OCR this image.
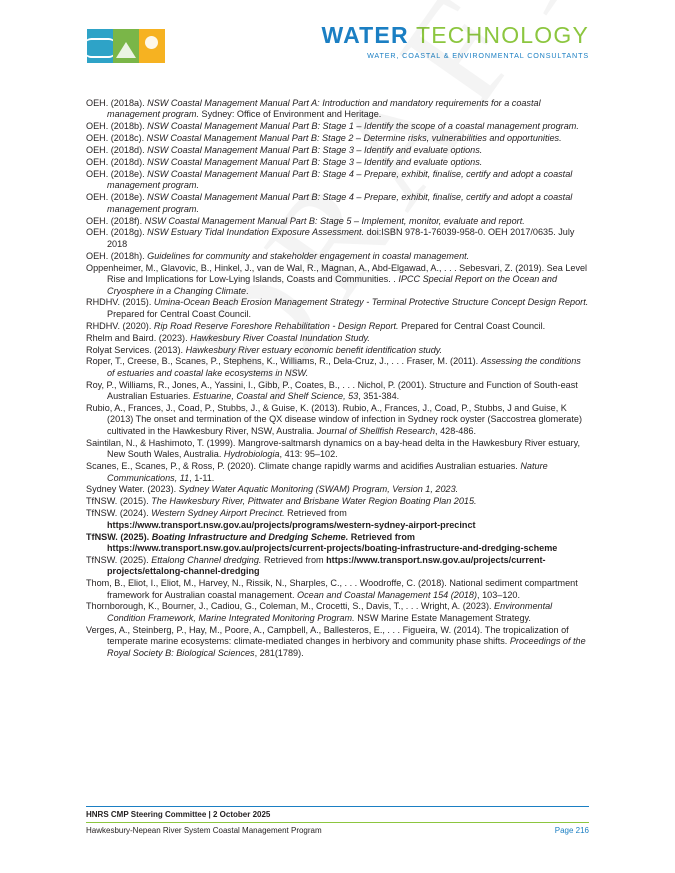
WATER TECHNOLOGY
WATER, COASTAL & ENVIRONMENTAL CONSULTANTS
OEH. (2018a). NSW Coastal Management Manual Part A: Introduction and mandatory requirements for a coastal management program. Sydney: Office of Environment and Heritage.
OEH. (2018b). NSW Coastal Management Manual Part B: Stage 1 – Identify the scope of a coastal management program.
OEH. (2018c). NSW Coastal Management Manual Part B: Stage 2 – Determine risks, vulnerabilities and opportunities.
OEH. (2018d). NSW Coastal Management Manual Part B: Stage 3 – Identify and evaluate options.
OEH. (2018d). NSW Coastal Management Manual Part B: Stage 3 – Identify and evaluate options.
OEH. (2018e). NSW Coastal Management Manual Part B: Stage 4 – Prepare, exhibit, finalise, certify and adopt a coastal management program.
OEH. (2018e). NSW Coastal Management Manual Part B: Stage 4 – Prepare, exhibit, finalise, certify and adopt a coastal management program.
OEH. (2018f). NSW Coastal Management Manual Part B: Stage 5 – Implement, monitor, evaluate and report.
OEH. (2018g). NSW Estuary Tidal Inundation Exposure Assessment. doi:ISBN 978-1-76039-958-0. OEH 2017/0635. July 2018
OEH. (2018h). Guidelines for community and stakeholder engagement in coastal management.
Oppenheimer, M., Glavovic, B., Hinkel, J., van de Wal, R., Magnan, A., Abd-Elgawad, A., . . . Sebesvari, Z. (2019). Sea Level Rise and Implications for Low-Lying Islands, Coasts and Communities. . IPCC Special Report on the Ocean and Cryosphere in a Changing Climate.
RHDHV. (2015). Umina-Ocean Beach Erosion Management Strategy - Terminal Protective Structure Concept Design Report. Prepared for Central Coast Council.
RHDHV. (2020). Rip Road Reserve Foreshore Rehabilitation - Design Report. Prepared for Central Coast Council.
Rhelm and Baird. (2023). Hawkesbury River Coastal Inundation Study.
Rolyat Services. (2013). Hawkesbury River estuary economic benefit identification study.
Roper, T., Creese, B., Scanes, P., Stephens, K., Williams, R., Dela-Cruz, J., . . . Fraser, M. (2011). Assessing the conditions of estuaries and coastal lake ecosystems in NSW.
Roy, P., Williams, R., Jones, A., Yassini, I., Gibb, P., Coates, B., . . . Nichol, P. (2001). Structure and Function of South-east Australian Estuaries. Estuarine, Coastal and Shelf Science, 53, 351-384.
Rubio, A., Frances, J., Coad, P., Stubbs, J., & Guise, K. (2013). Rubio, A., Frances, J., Coad, P., Stubbs, J and Guise, K (2013) The onset and termination of the QX disease window of infection in Sydney rock oyster (Saccostrea glomerate) cultivated in the Hawkesbury River, NSW, Australia. Journal of Shellfish Research, 428-486.
Saintilan, N., & Hashimoto, T. (1999). Mangrove-saltmarsh dynamics on a bay-head delta in the Hawkesbury River estuary, New South Wales, Australia. Hydrobiologia, 413: 95–102.
Scanes, E., Scanes, P., & Ross, P. (2020). Climate change rapidly warms and acidifies Australian estuaries. Nature Communications, 11, 1-11.
Sydney Water. (2023). Sydney Water Aquatic Monitoring (SWAM) Program, Version 1, 2023.
TfNSW. (2015). The Hawkesbury River, Pittwater and Brisbane Water Region Boating Plan 2015.
TfNSW. (2024). Western Sydney Airport Precinct. Retrieved from https://www.transport.nsw.gov.au/projects/programs/western-sydney-airport-precinct
TfNSW. (2025). Boating Infrastructure and Dredging Scheme. Retrieved from https://www.transport.nsw.gov.au/projects/current-projects/boating-infrastructure-and-dredging-scheme
TfNSW. (2025). Ettalong Channel dredging. Retrieved from https://www.transport.nsw.gov.au/projects/current-projects/ettalong-channel-dredging
Thom, B., Eliot, I., Eliot, M., Harvey, N., Rissik, N., Sharples, C., . . . Woodroffe, C. (2018). National sediment compartment framework for Australian coastal management. Ocean and Coastal Management 154 (2018), 103–120.
Thornborough, K., Bourner, J., Cadiou, G., Coleman, M., Crocetti, S., Davis, T., . . . Wright, A. (2023). Environmental Condition Framework, Marine Integrated Monitoring Program. NSW Marine Estate Management Strategy.
Verges, A., Steinberg, P., Hay, M., Poore, A., Campbell, A., Ballesteros, E., . . . Figueira, W. (2014). The tropicalization of temperate marine ecosystems: climate-mediated changes in herbivory and community phase shifts. Proceedings of the Royal Society B: Biological Sciences, 281(1789).
HNRS CMP Steering Committee | 2 October 2025
Hawkesbury-Nepean River System Coastal Management Program	Page 216
